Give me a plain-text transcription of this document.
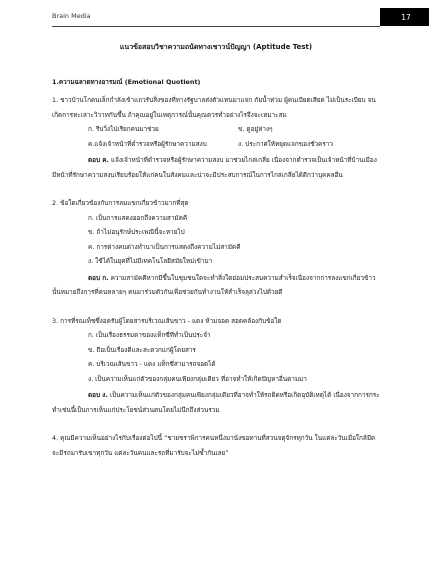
Brain Media	17
แนวข้อสอบวิชาความถนัดทางเชาวน์ปัญญา (Aptitude Test)
1.ความฉลาดทางอารมณ์ (Emotional Quotient)
1. ชาวบ้านโกดนเล็กกำลังเข้าแถวรับสิ่งของที่ทางรัฐบาลส่งตัวแทนมาแจก ภัยน้ำท่วม ผู้คนเบียดเสียด ไม่เป็นระเบียบ จนเกิดการทะเลาะวิวาทกันขึ้น ถ้าคุณอยู่ในเหตุการณ์นั้นคุณควรทำอย่างไรจึงจะเหมาะสม
ก. รีบวิ่งไปเรียกคนมาช่วย	ข. ดูอยู่ห่างๆ
ค.แจ้งเจ้าหน้าที่ตำรวจหรือผู้รักษาความสงบ	ง. ประกาศให้หยุดแจกของชั่วคราว
ตอบ ค. แจ้งเจ้าหน้าที่ตำรวจหรือผู้รักษาความสงบ มาช่วยไกล่เกลี่ย เนื่องจากตำรวจเป็นเจ้าหน้าที่บ้านเมือง มีหน้าที่รักษาความสงบเรียบร้อยให้แก่คนในสังคมและน่าจะมีประสบการณ์ในการไกล่เกลี่ยได้ดีกว่าบุคคลอื่น
2. ข้อใดเกี่ยวข้องกับการลมแขกเกี่ยวข้าวมากที่สุด
ก. เป็นการแสดงออกถึงความสามัคคี
ข. ถ้าไม่อนุรักษ์ประเพณีนี้จะหายไป
ค. การต่างคนต่างทำนาเป็นการแสดงถึงความไม่สามัคคี
ง. ใช้ได้ในยุคที่ไม่มีเทคโนโลยีสมัยใหม่เข้ามา
ตอบ ก. ความสามัคคีหากมีขึ้นในชุมชนใดจะทำสิ่งใดย่อมประสบความสำเร็จเนื่องจากการลงแขกเกี่ยวข้าวนั้นหมายถึงการที่คนหลายๆ คนมาร่วมตัวกันเพื่อช่วยกันทำงานให้สำเร็จลุล่วงไปด้วยดี
3. การที่รณเท็ชซึ่งอครับผู้โดยสารบริเวณเส้นขาว - แดง ห้ามจอด สอดคล้องกับข้อใด
ก. เป็นเรื่องธรรมดาของแท็กซี่ที่ทำเป็นประจำ
ข. ถือเป็นเรื่องดีและสะดวกแก่ผู้โดยสาร
ค. บริเวณเส้นขาว - แดง แท็กซี่สามารถจอดได้
ง. เป็นความเห็นแก่ตัวของกลุ่มคนเพียงกลุ่มเดียว ที่อาจทำให้เกิดปัญหาอื่นตามมา
ตอบ ง. เป็นความเห็นแก่ตัวของกลุ่มคนเพียงกลุ่มเดียวที่อาจทำให้รถติดหรือเกิดอุบัติเหตุได้ เนื่องจากการกระทำเช่นนี้เป็นการเห็นแก่ประโยชน์ส่วนตนโดยไม่นึกถึงส่วนรวม
4. คุณมีความเห็นอย่างไรกับเรื่องต่อไปนี้ “ชายชราพิการคนหนึ่งมานั่งขอทานที่สวนจตุจักรทุกวัน ในแต่ละวันเมื่อใกล้มืดจะมีรถมารับเขาทุกวัน แต่ละวันคนและรถที่มารับจะไม่ซ้ำกันเลย”
